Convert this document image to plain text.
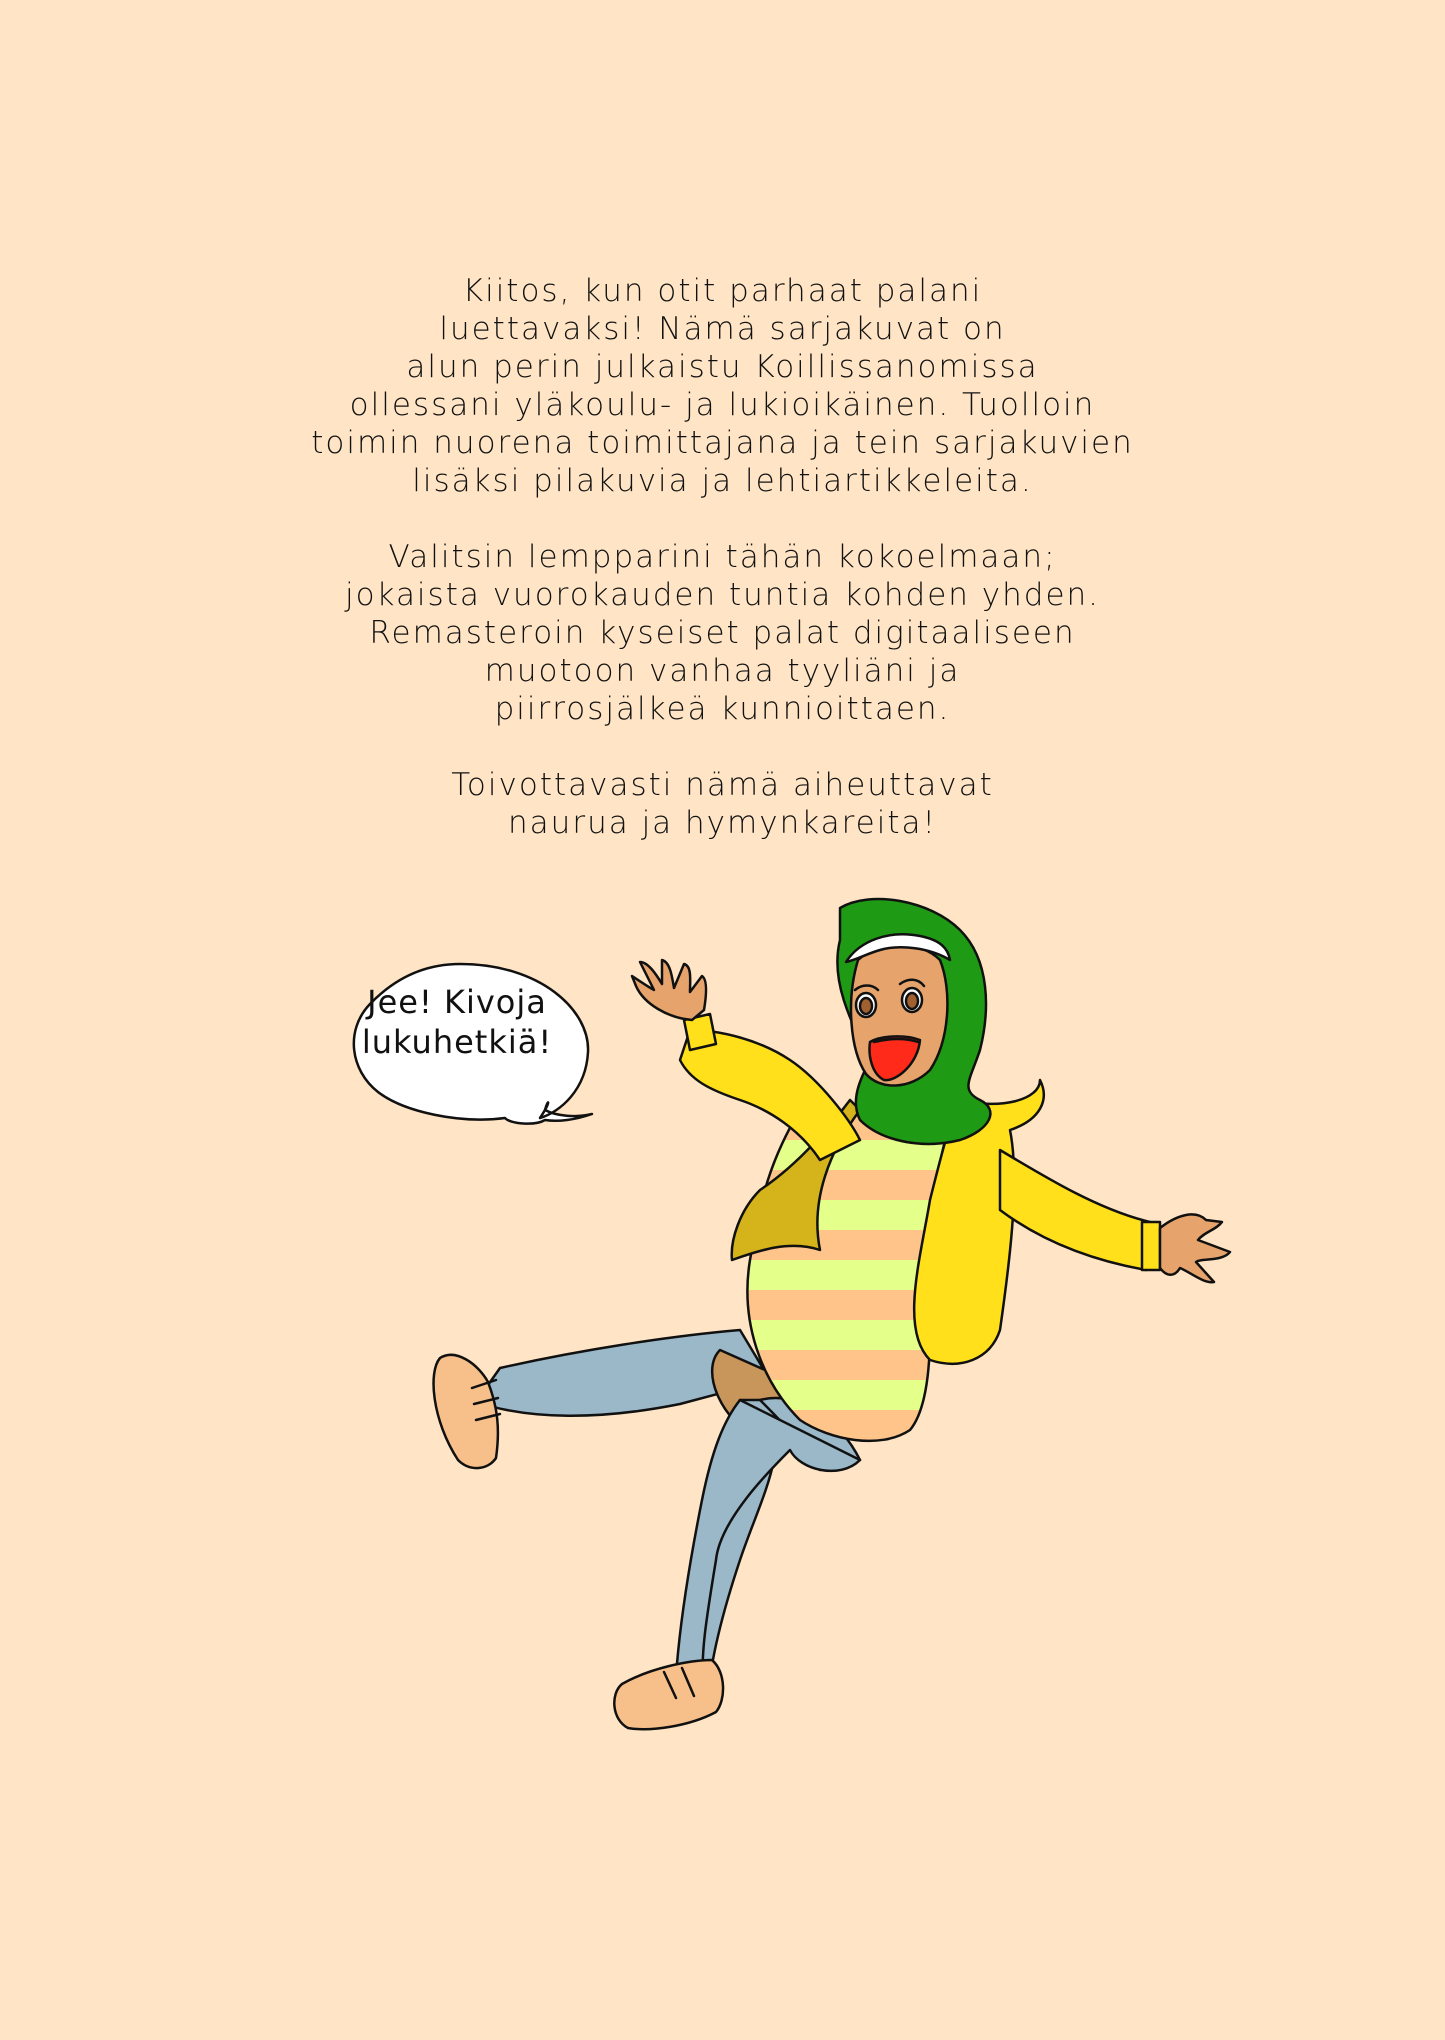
Kiitos, kun otit parhaat palani
luettavaksi! Nämä sarjakuvat on
alun perin julkaistu Koillissanomissa
ollessani yläkoulu- ja lukioikäinen. Tuolloin
toimin nuorena toimittajana ja tein sarjakuvien
lisäksi pilakuvia ja lehtiartikkeleita.
Valitsin lempparini tähän kokoelmaan;
jokaista vuorokauden tuntia kohden yhden.
Remasteroin kyseiset palat digitaaliseen
muotoon vanhaa tyyliäni ja
piirrosjälkeä kunnioittaen.
Toivottavasti nämä aiheuttavat
naurua ja hymynkareita!
Jee! Kivoja
lukuhetkiä!
